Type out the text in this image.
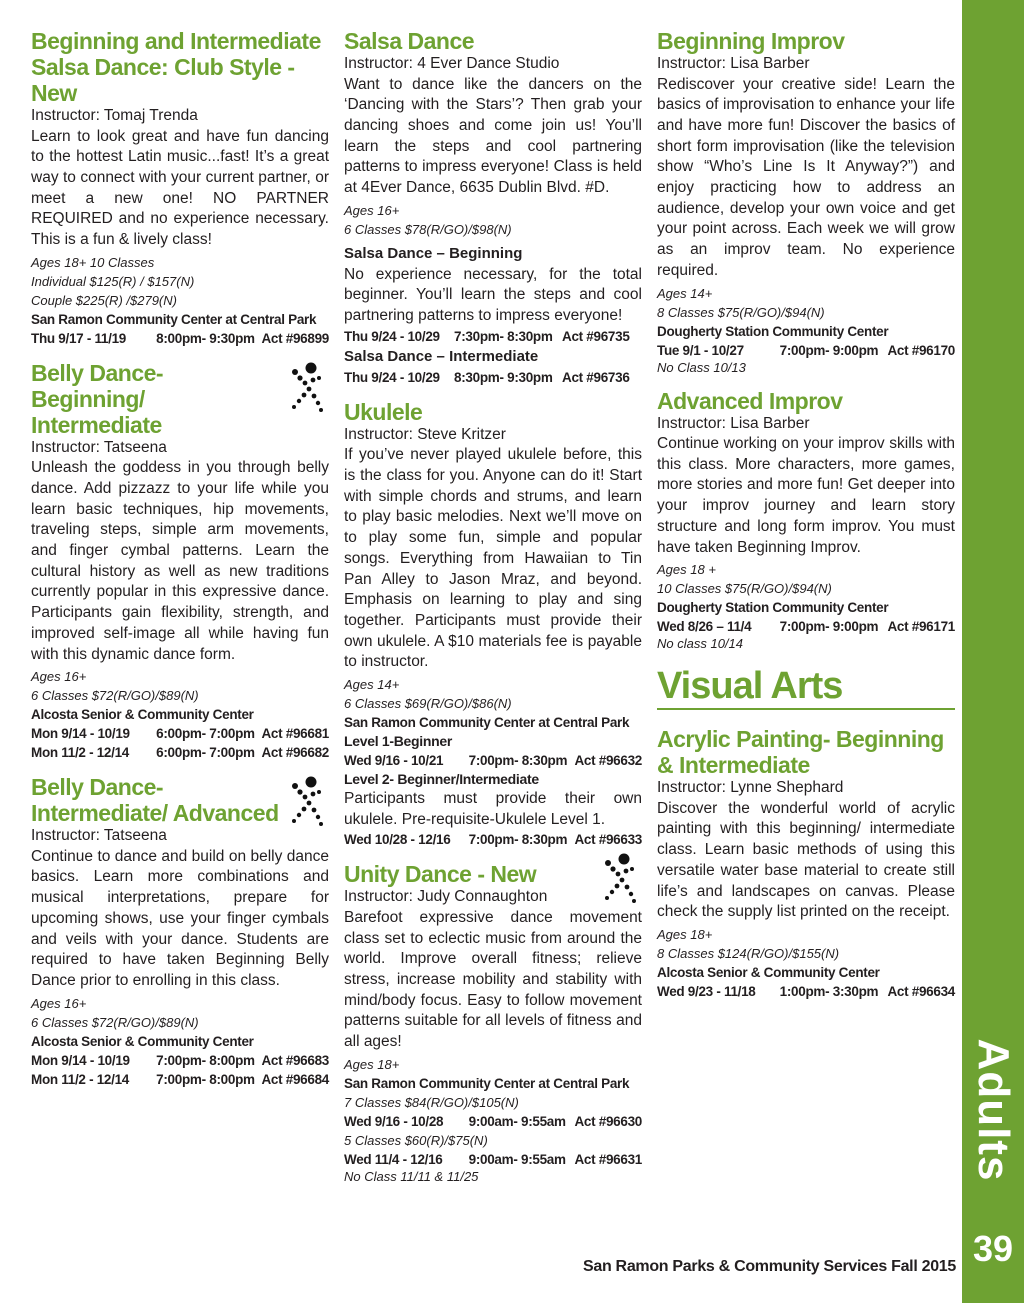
Beginning and Intermediate Salsa Dance: Club Style - New
Instructor: Tomaj Trenda
Learn to look great and have fun dancing to the hottest Latin music...fast! It’s a great way to connect with your current partner, or meet a new one! NO PARTNER REQUIRED and no experience necessary. This is a fun & lively class!
Ages 18+ 10 Classes
Individual $125(R) / $157(N)
Couple $225(R) /$279(N)
San Ramon Community Center at Central Park
Thu 9/17 - 11/19	8:00pm- 9:30pm Act #96899
Belly Dance- Beginning/ Intermediate
Instructor: Tatseena
Unleash the goddess in you through belly dance. Add pizzazz to your life while you learn basic techniques, hip movements, traveling steps, simple arm movements, and finger cymbal patterns. Learn the cultural history as well as new traditions currently popular in this expressive dance. Participants gain flexibility, strength, and improved self-image all while having fun with this dynamic dance form.
Ages 16+
6 Classes $72(R/GO)/$89(N)
Alcosta Senior & Community Center
Mon 9/14 - 10/19	6:00pm- 7:00pm Act #96681
Mon 11/2 - 12/14	6:00pm- 7:00pm Act #96682
Belly Dance- Intermediate/ Advanced
Instructor: Tatseena
Continue to dance and build on belly dance basics. Learn more combinations and musical interpretations, prepare for upcoming shows, use your finger cymbals and veils with your dance. Students are required to have taken Beginning Belly Dance prior to enrolling in this class.
Ages 16+
6 Classes $72(R/GO)/$89(N)
Alcosta Senior & Community Center
Mon 9/14 - 10/19	7:00pm- 8:00pm Act #96683
Mon 11/2 - 12/14	7:00pm- 8:00pm Act #96684
Salsa Dance
Instructor: 4 Ever Dance Studio
Want to dance like the dancers on the ‘Dancing with the Stars’? Then grab your dancing shoes and come join us! You’ll learn the steps and cool partnering patterns to impress everyone! Class is held at 4Ever Dance, 6635 Dublin Blvd. #D.
Ages 16+
6 Classes $78(R/GO)/$98(N)
Salsa Dance – Beginning
No experience necessary, for the total beginner. You’ll learn the steps and cool partnering patterns to impress everyone!
Thu 9/24 - 10/29	7:30pm- 8:30pm Act #96735
Salsa Dance – Intermediate
Thu 9/24 - 10/29	8:30pm- 9:30pm Act #96736
Ukulele
Instructor: Steve Kritzer
If you’ve never played ukulele before, this is the class for you. Anyone can do it! Start with simple chords and strums, and learn to play basic melodies. Next we’ll move on to play some fun, simple and popular songs. Everything from Hawaiian to Tin Pan Alley to Jason Mraz, and beyond. Emphasis on learning to play and sing together. Participants must provide their own ukulele. A $10 materials fee is payable to instructor.
Ages 14+
6 Classes $69(R/GO)/$86(N)
San Ramon Community Center at Central Park
Level 1-Beginner
Wed 9/16 - 10/21	7:00pm- 8:30pm Act #96632
Level 2- Beginner/Intermediate
Participants must provide their own ukulele. Pre-requisite-Ukulele Level 1.
Wed 10/28 - 12/16	7:00pm- 8:30pm Act #96633
Unity Dance - New
Instructor: Judy Connaughton
Barefoot expressive dance movement class set to eclectic music from around the world. Improve overall fitness; relieve stress, increase mobility and stability with mind/body focus. Easy to follow movement patterns suitable for all levels of fitness and all ages!
Ages 18+
San Ramon Community Center at Central Park
7 Classes $84(R/GO)/$105(N)
Wed 9/16 - 10/28	9:00am- 9:55am Act #96630
5 Classes $60(R)/$75(N)
Wed 11/4 - 12/16	9:00am- 9:55am Act #96631
No Class 11/11 & 11/25
Beginning Improv
Instructor: Lisa Barber
Rediscover your creative side! Learn the basics of improvisation to enhance your life and have more fun! Discover the basics of short form improvisation (like the television show “Who’s Line Is It Anyway?”) and enjoy practicing how to address an audience, develop your own voice and get your point across. Each week we will grow as an improv team. No experience required.
Ages 14+
8 Classes $75(R/GO)/$94(N)
Dougherty Station Community Center
Tue 9/1 - 10/27	7:00pm- 9:00pm Act #96170
No Class 10/13
Advanced Improv
Instructor: Lisa Barber
Continue working on your improv skills with this class. More characters, more games, more stories and more fun! Get deeper into your improv journey and learn story structure and long form improv. You must have taken Beginning Improv.
Ages 18 +
10 Classes $75(R/GO)/$94(N)
Dougherty Station Community Center
Wed 8/26 – 11/4	7:00pm- 9:00pm Act #96171
No class 10/14
Visual Arts
Acrylic Painting- Beginning & Intermediate
Instructor: Lynne Shephard
Discover the wonderful world of acrylic painting with this beginning/ intermediate class. Learn basic methods of using this versatile water base material to create still life’s and landscapes on canvas. Please check the supply list printed on the receipt.
Ages 18+
8 Classes $124(R/GO)/$155(N)
Alcosta Senior & Community Center
Wed 9/23 - 11/18	1:00pm- 3:30pm Act #96634
Adults
39
San Ramon Parks & Community Services Fall 2015
